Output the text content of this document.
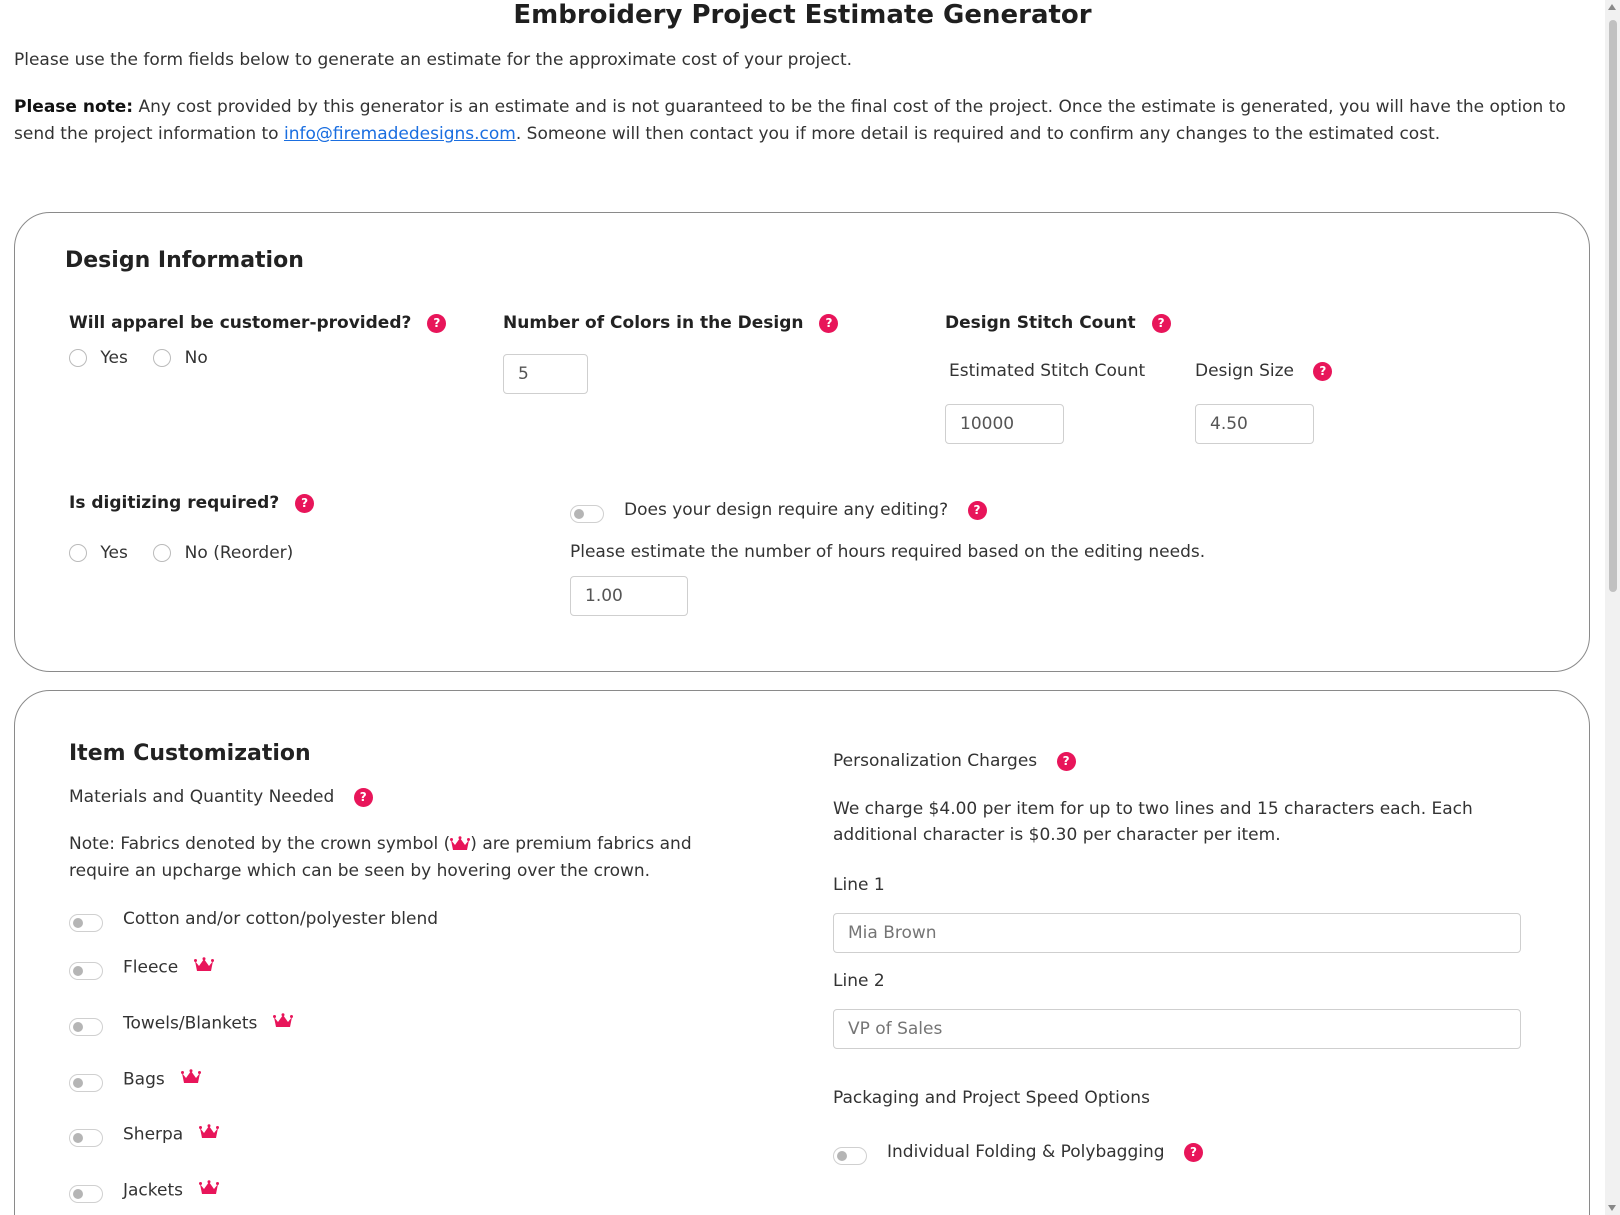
Embroidery Project Estimate Generator

Please use the form fields below to generate an estimate for the approximate cost of your project.

Please note: Any cost provided by this generator is an estimate and is not guaranteed to be the final cost of the project. Once the estimate is generated, you will have the option to send the project information to info@firemadedesigns.com. Someone will then contact you if more detail is required and to confirm any changes to the estimated cost.

Design Information
Will apparel be customer-provided? ?
Yes	No
Number of Colors in the Design ?
5
Design Stitch Count ?
Estimated Stitch Count	Design Size ?
10000	4.50
Is digitizing required? ?
Yes	No (Reorder)
Does your design require any editing? ?
Please estimate the number of hours required based on the editing needs.
1.00
Item Customization
Materials and Quantity Needed ?
Note: Fabrics denoted by the crown symbol ( ) are premium fabrics and
require an upcharge which can be seen by hovering over the crown.
Cotton and/or cotton/polyester blend
Fleece
Towels/Blankets
Bags
Sherpa
Jackets
Personalization Charges ?
We charge $4.00 per item for up to two lines and 15 characters each. Each
additional character is $0.30 per character per item.
Line 1
Mia Brown
Line 2
VP of Sales
Packaging and Project Speed Options
Individual Folding & Polybagging ?
